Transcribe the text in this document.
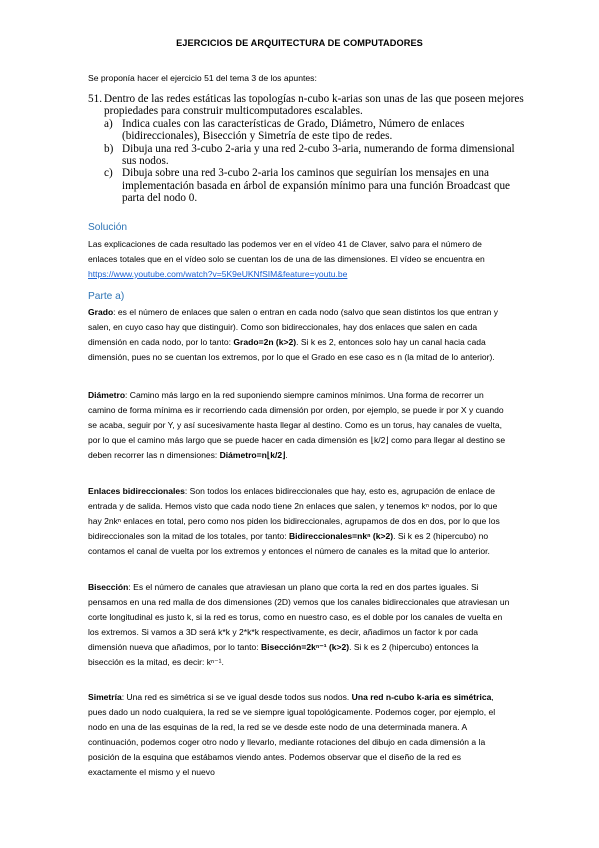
EJERCICIOS DE ARQUITECTURA DE COMPUTADORES
Se proponía hacer el ejercicio 51 del tema 3 de los apuntes:
51. Dentro de las redes estáticas las topologías n-cubo k-arias son unas de las que poseen mejores propiedades para construir multicomputadores escalables.
a) Indica cuales con las características de Grado, Diámetro, Número de enlaces (bidireccionales), Bisección y Simetría de este tipo de redes.
b) Dibuja una red 3-cubo 2-aria y una red 2-cubo 3-aria, numerando de forma dimensional sus nodos.
c) Dibuja sobre una red 3-cubo 2-aria los caminos que seguirían los mensajes en una implementación basada en árbol de expansión mínimo para una función Broadcast que parta del nodo 0.
Solución

Las explicaciones de cada resultado las podemos ver en el vídeo 41 de Claver, salvo para el número de enlaces totales que en el vídeo solo se cuentan los de una de las dimensiones. El vídeo se encuentra en https://www.youtube.com/watch?v=5K9eUKNfSIM&feature=youtu.be

Parte a)

Grado: es el número de enlaces que salen o entran en cada nodo (salvo que sean distintos los que entran y salen, en cuyo caso hay que distinguir). Como son bidireccionales, hay dos enlaces que salen en cada dimensión en cada nodo, por lo tanto: Grado=2n (k>2). Si k es 2, entonces solo hay un canal hacia cada dimensión, pues no se cuentan los extremos, por lo que el Grado en ese caso es n (la mitad de lo anterior).

Diámetro: Camino más largo en la red suponiendo siempre caminos mínimos. Una forma de recorrer un camino de forma mínima es ir recorriendo cada dimensión por orden, por ejemplo, se puede ir por X y cuando se acaba, seguir por Y, y así sucesivamente hasta llegar al destino. Como es un torus, hay canales de vuelta, por lo que el camino más largo que se puede hacer en cada dimensión es ⌊k/2⌋ como para llegar al destino se deben recorrer las n dimensiones: Diámetro=n⌊k/2⌋.

Enlaces bidireccionales: Son todos los enlaces bidireccionales que hay, esto es, agrupación de enlace de entrada y de salida. Hemos visto que cada nodo tiene 2n enlaces que salen, y tenemos kⁿ nodos, por lo que hay 2nkⁿ enlaces en total, pero como nos piden los bidireccionales, agrupamos de dos en dos, por lo que los bidireccionales son la mitad de los totales, por tanto: Bidireccionales=nkⁿ (k>2). Si k es 2 (hipercubo) no contamos el canal de vuelta por los extremos y entonces el número de canales es la mitad que lo anterior.

Bisección: Es el número de canales que atraviesan un plano que corta la red en dos partes iguales. Si pensamos en una red malla de dos dimensiones (2D) vemos que los canales bidireccionales que atraviesan un corte longitudinal es justo k, si la red es torus, como en nuestro caso, es el doble por los canales de vuelta en los extremos. Si vamos a 3D será k*k y 2*k*k respectivamente, es decir, añadimos un factor k por cada dimensión nueva que añadimos, por lo tanto: Bisección=2kⁿ⁻¹ (k>2). Si k es 2 (hipercubo) entonces la bisección es la mitad, es decir: kⁿ⁻¹.

Simetría: Una red es simétrica si se ve igual desde todos sus nodos. Una red n-cubo k-aria es simétrica, pues dado un nodo cualquiera, la red se ve siempre igual topológicamente. Podemos coger, por ejemplo, el nodo en una de las esquinas de la red, la red se ve desde este nodo de una determinada manera. A continuación, podemos coger otro nodo y llevarlo, mediante rotaciones del dibujo en cada dimensión a la posición de la esquina que estábamos viendo antes. Podemos observar que el diseño de la red es exactamente el mismo y el nuevo
